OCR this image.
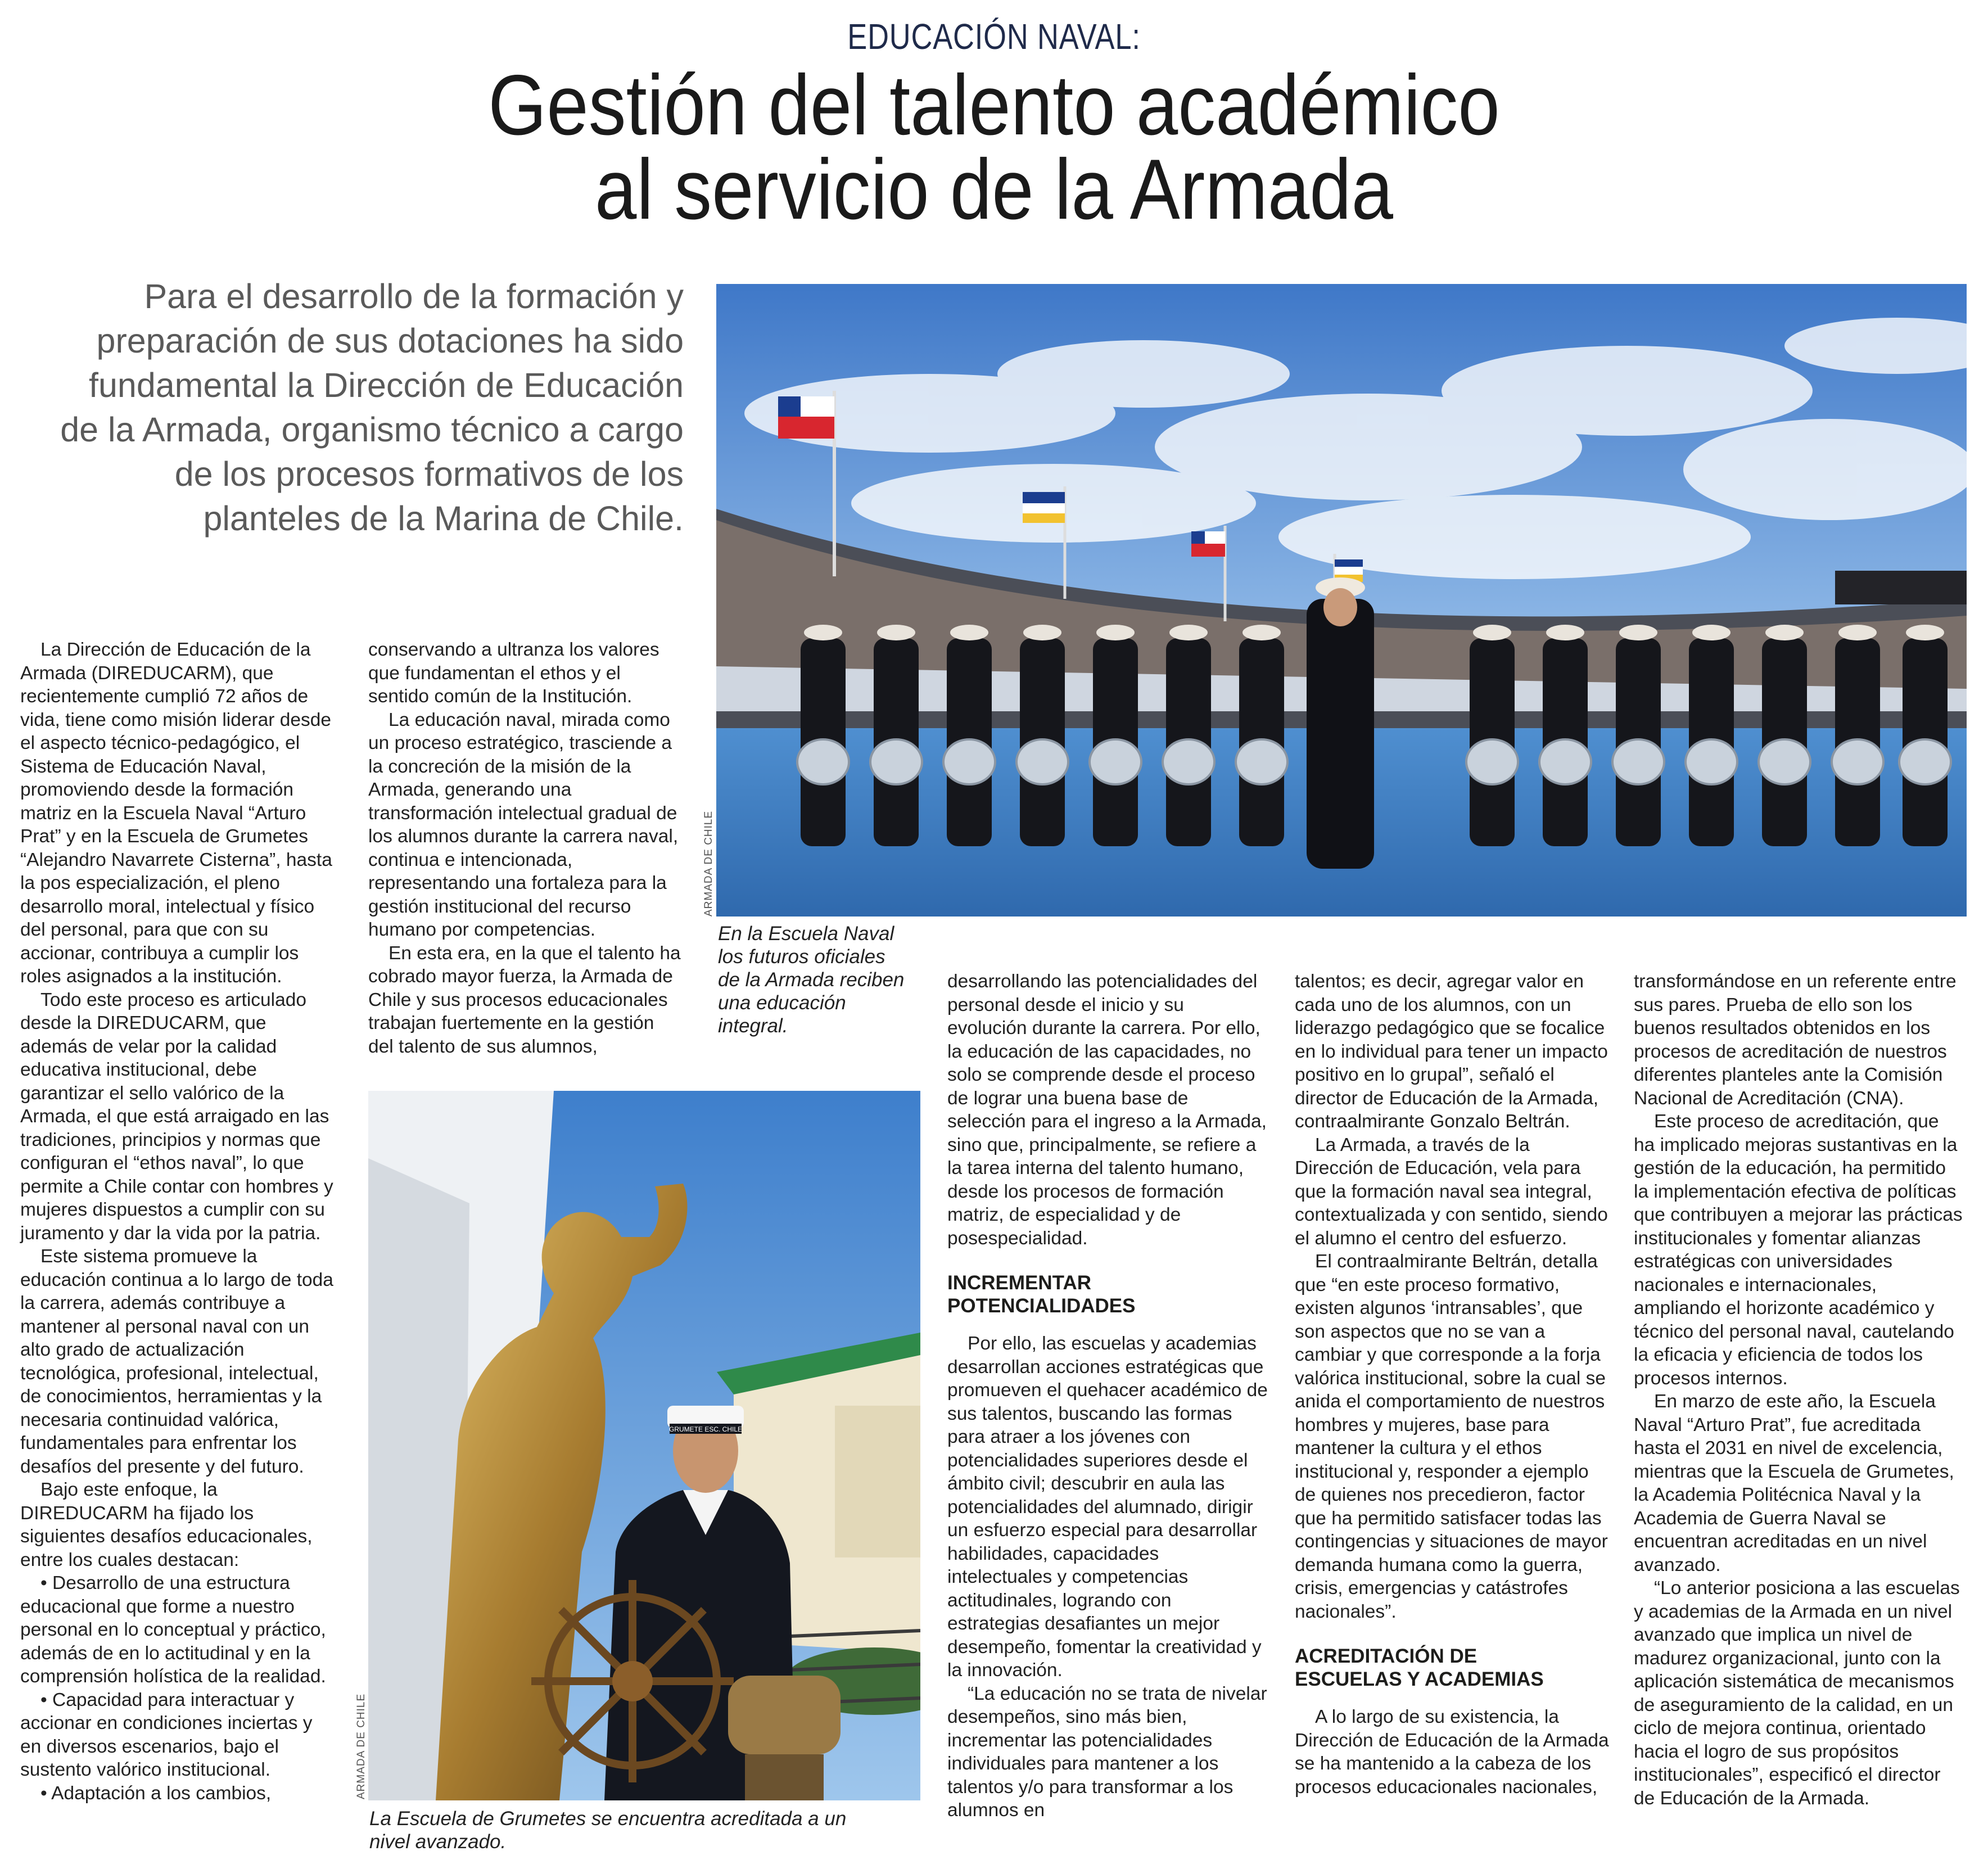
EDUCACIÓN NAVAL:
Gestión del talento académico
al servicio de la Armada
Para el desarrollo de la formación y
preparación de sus dotaciones ha sido
fundamental la Dirección de Educación
de la Armada, organismo técnico a cargo
de los procesos formativos de los
planteles de la Marina de Chile.
ARMADA DE CHILE
En la Escuela Naval
los futuros oficiales
de la Armada reciben
una educación
integral.
GRUMETE ESC. CHILE
ARMADA DE CHILE
La Escuela de Grumetes se encuentra acreditada a un
nivel avanzado.

La Dirección de Educación de la Armada (DIREDUCARM), que recientemente cumplió 72 años de vida, tiene como misión liderar desde el aspecto técnico-pedagógico, el Sistema de Educación Naval, promoviendo desde la formación matriz en la Escuela Naval “Arturo Prat” y en la Escuela de Grumetes “Alejandro Navarrete Cisterna”, hasta la pos especialización, el pleno desarrollo moral, intelectual y físico del personal, para que con su accionar, contribuya a cumplir los roles asignados a la institución.

Todo este proceso es articulado desde la DIREDUCARM, que además de velar por la calidad educativa institucional, debe garantizar el sello valórico de la Armada, el que está arraigado en las tradiciones, principios y normas que configuran el “ethos naval”, lo que permite a Chile contar con hombres y mujeres dispuestos a cumplir con su juramento y dar la vida por la patria.

Este sistema promueve la educación continua a lo largo de toda la carrera, además contribuye a mantener al personal naval con un alto grado de actualización tecnológica, profesional, intelectual, de conocimientos, herramientas y la necesaria continuidad valórica, fundamentales para enfrentar los desafíos del presente y del futuro.

Bajo este enfoque, la DIREDUCARM ha fijado los siguientes desafíos educacionales, entre los cuales destacan:

• Desarrollo de una estructura educacional que forme a nuestro personal en lo conceptual y práctico, además de en lo actitudinal y en la comprensión holística de la realidad.

• Capacidad para interactuar y accionar en condiciones inciertas y en diversos escenarios, bajo el sustento valórico institucional.

• Adaptación a los cambios,

conservando a ultranza los valores que fundamentan el ethos y el sentido común de la Institución.

La educación naval, mirada como un proceso estratégico, trasciende a la concreción de la misión de la Armada, generando una transformación intelectual gradual de los alumnos durante la carrera naval, continua e intencionada, representando una fortaleza para la gestión institucional del recurso humano por competencias.

En esta era, en la que el talento ha cobrado mayor fuerza, la Armada de Chile y sus procesos educacionales trabajan fuertemente en la gestión del talento de sus alumnos,

desarrollando las potencialidades del personal desde el inicio y su evolución durante la carrera. Por ello, la educación de las capacidades, no solo se comprende desde el proceso de lograr una buena base de selección para el ingreso a la Armada, sino que, principalmente, se refiere a la tarea interna del talento humano, desde los procesos de formación matriz, de especialidad y de posespecialidad.

INCREMENTAR POTENCIALIDADES

Por ello, las escuelas y academias desarrollan acciones estratégicas que promueven el quehacer académico de sus talentos, buscando las formas para atraer a los jóvenes con potencialidades superiores desde el ámbito civil; descubrir en aula las potencialidades del alumnado, dirigir un esfuerzo especial para desarrollar habilidades, capacidades intelectuales y competencias actitudinales, logrando con estrategias desafiantes un mejor desempeño, fomentar la creatividad y la innovación.

“La educación no se trata de nivelar desempeños, sino más bien, incrementar las potencialidades individuales para mantener a los talentos y/o para transformar a los alumnos en

talentos; es decir, agregar valor en cada uno de los alumnos, con un liderazgo pedagógico que se focalice en lo individual para tener un impacto positivo en lo grupal”, señaló el director de Educación de la Armada, contraalmirante Gonzalo Beltrán.

La Armada, a través de la Dirección de Educación, vela para que la formación naval sea integral, contextualizada y con sentido, siendo el alumno el centro del esfuerzo.

El contraalmirante Beltrán, detalla que “en este proceso formativo, existen algunos ‘intransables’, que son aspectos que no se van a cambiar y que corresponde a la forja valórica institucional, sobre la cual se anida el comportamiento de nuestros hombres y mujeres, base para mantener la cultura y el ethos institucional y, responder a ejemplo de quienes nos precedieron, factor que ha permitido satisfacer todas las contingencias y situaciones de mayor demanda humana como la guerra, crisis, emergencias y catástrofes nacionales”.

ACREDITACIÓN DE ESCUELAS Y ACADEMIAS

A lo largo de su existencia, la Dirección de Educación de la Armada se ha mantenido a la cabeza de los procesos educacionales nacionales,

transformándose en un referente entre sus pares. Prueba de ello son los buenos resultados obtenidos en los procesos de acreditación de nuestros diferentes planteles ante la Comisión Nacional de Acreditación (CNA).

Este proceso de acreditación, que ha implicado mejoras sustantivas en la gestión de la educación, ha permitido la implementación efectiva de políticas que contribuyen a mejorar las prácticas institucionales y fomentar alianzas estratégicas con universidades nacionales e internacionales, ampliando el horizonte académico y técnico del personal naval, cautelando la eficacia y eficiencia de todos los procesos internos.

En marzo de este año, la Escuela Naval “Arturo Prat”, fue acreditada hasta el 2031 en nivel de excelencia, mientras que la Escuela de Grumetes, la Academia Politécnica Naval y la Academia de Guerra Naval se encuentran acreditadas en un nivel avanzado.

“Lo anterior posiciona a las escuelas y academias de la Armada en un nivel avanzado que implica un nivel de madurez organizacional, junto con la aplicación sistemática de mecanismos de aseguramiento de la calidad, en un ciclo de mejora continua, orientado hacia el logro de sus propósitos institucionales”, especificó el director de Educación de la Armada.
